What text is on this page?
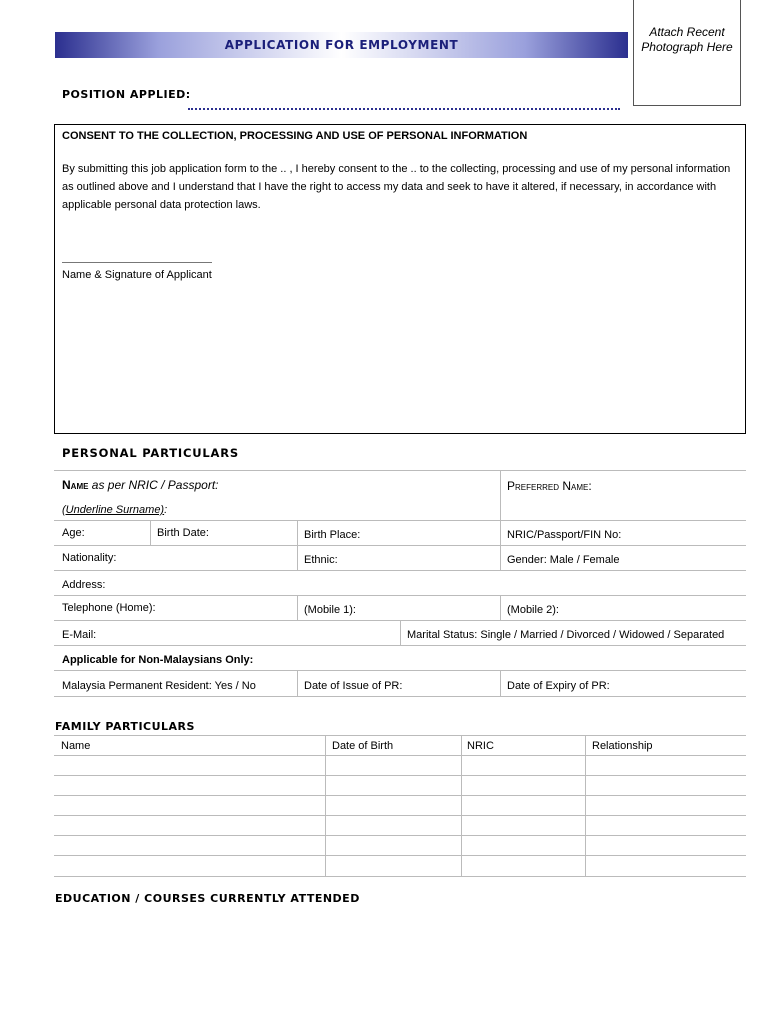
APPLICATION FOR EMPLOYMENT
Attach Recent Photograph Here
POSITION APPLIED:
CONSENT TO THE COLLECTION, PROCESSING AND USE OF PERSONAL INFORMATION
By submitting this job application form to the .. , I hereby consent to the .. to the collecting, processing and use of my personal information as outlined above and I understand that I have the right to access my data and seek to have it altered, if necessary, in accordance with applicable personal data protection laws.
Name & Signature of Applicant
PERSONAL PARTICULARS
Name as per NRIC / Passport:
(Underline Surname):
Preferred Name:
Age:	Birth Date:	Birth Place:	NRIC/Passport/FIN No:
Nationality:	Ethnic:	Gender: Male / Female
Address:
Telephone (Home):	(Mobile 1):	(Mobile 2):
E-Mail:	Marital Status: Single / Married / Divorced / Widowed / Separated
Applicable for Non-Malaysians Only:
Malaysia Permanent Resident: Yes / No	Date of Issue of PR:	Date of Expiry of PR:
FAMILY PARTICULARS
Name	Date of Birth	NRIC	Relationship
EDUCATION / COURSES CURRENTLY ATTENDED
